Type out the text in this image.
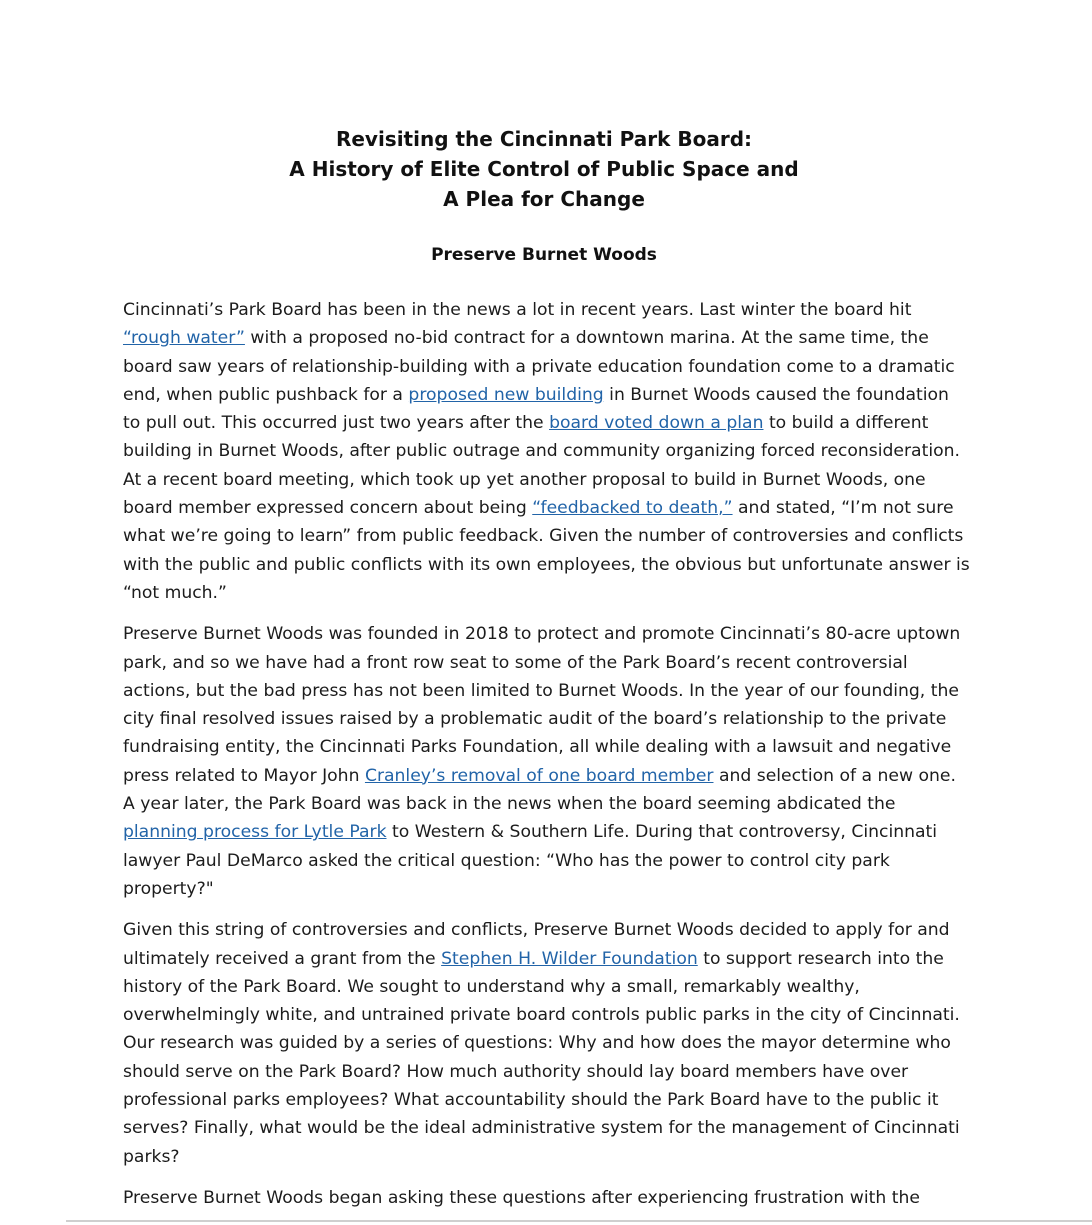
Revisiting the Cincinnati Park Board:
A History of Elite Control of Public Space and
A Plea for Change
Preserve Burnet Woods

Cincinnati’s Park Board has been in the news a lot in recent years. Last winter the board hit “rough water” with a proposed no-bid contract for a downtown marina. At the same time, the board saw years of relationship-building with a private education foundation come to a dramatic end, when public pushback for a proposed new building in Burnet Woods caused the foundation to pull out. This occurred just two years after the board voted down a plan to build a different building in Burnet Woods, after public outrage and community organizing forced reconsideration. At a recent board meeting, which took up yet another proposal to build in Burnet Woods, one board member expressed concern about being “feedbacked to death,” and stated, “I’m not sure what we’re going to learn” from public feedback. Given the number of controversies and conflicts with the public and public conflicts with its own employees, the obvious but unfortunate answer is “not much.”

Preserve Burnet Woods was founded in 2018 to protect and promote Cincinnati’s 80-acre uptown park, and so we have had a front row seat to some of the Park Board’s recent controversial actions, but the bad press has not been limited to Burnet Woods. In the year of our founding, the city final resolved issues raised by a problematic audit of the board’s relationship to the private fundraising entity, the Cincinnati Parks Foundation, all while dealing with a lawsuit and negative press related to Mayor John Cranley’s removal of one board member and selection of a new one. A year later, the Park Board was back in the news when the board seeming abdicated the planning process for Lytle Park to Western & Southern Life. During that controversy, Cincinnati lawyer Paul DeMarco asked the critical question: “Who has the power to control city park property?"

Given this string of controversies and conflicts, Preserve Burnet Woods decided to apply for and ultimately received a grant from the Stephen H. Wilder Foundation to support research into the history of the Park Board. We sought to understand why a small, remarkably wealthy, overwhelmingly white, and untrained private board controls public parks in the city of Cincinnati. Our research was guided by a series of questions: Why and how does the mayor determine who should serve on the Park Board? How much authority should lay board members have over professional parks employees? What accountability should the Park Board have to the public it serves? Finally, what would be the ideal administrative system for the management of Cincinnati parks?

Preserve Burnet Woods began asking these questions after experiencing frustration with the
